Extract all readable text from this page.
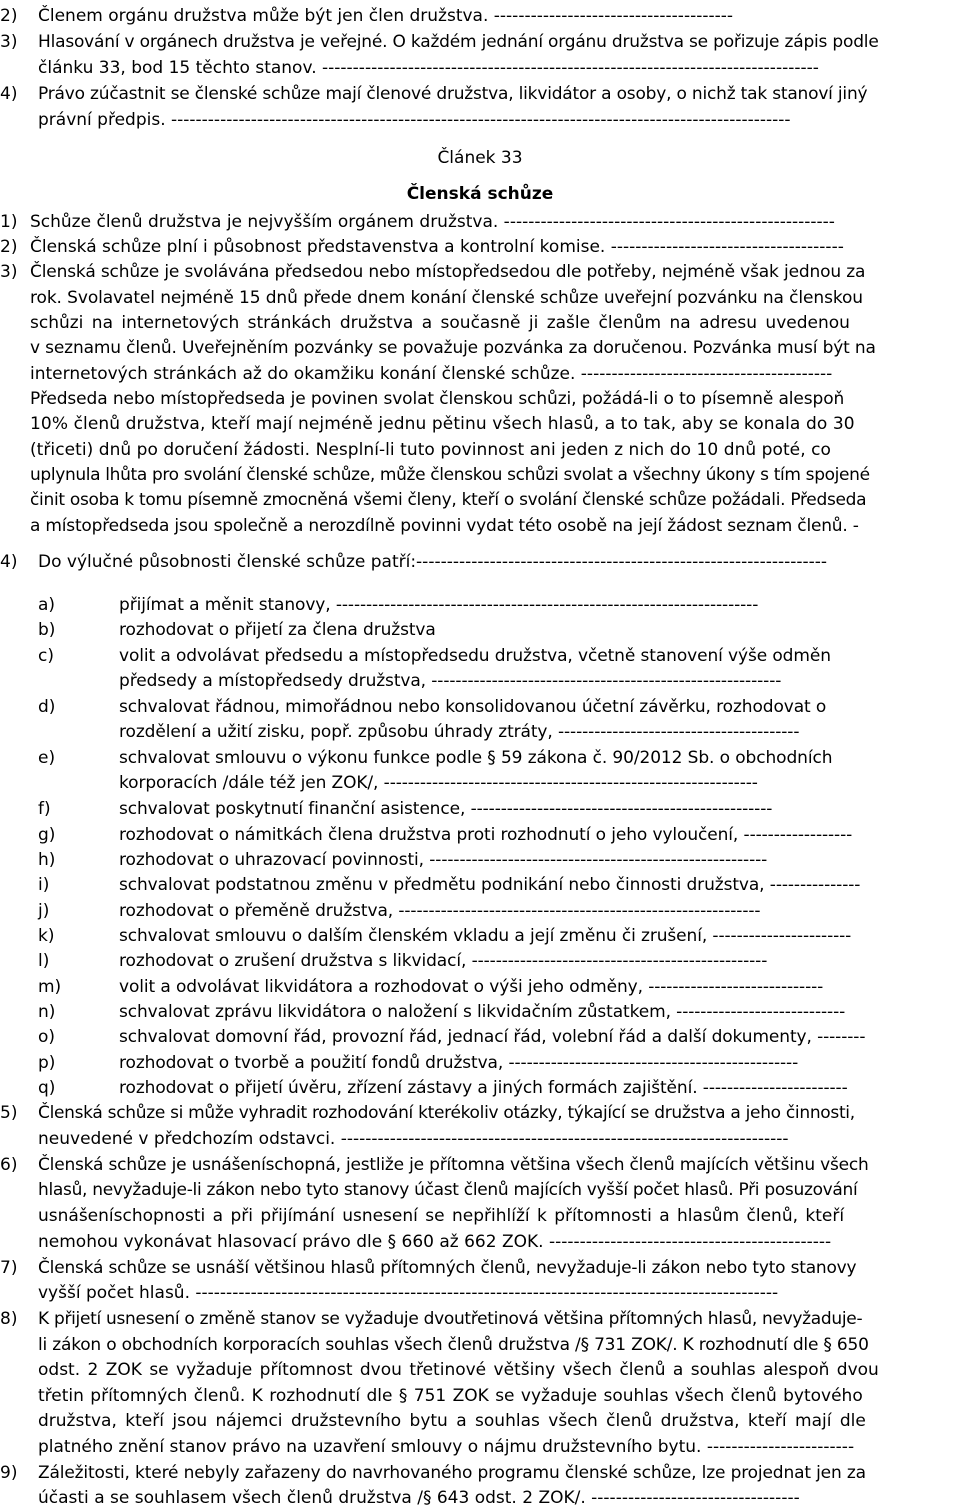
2) Členem orgánu družstva může být jen člen družstva. ---------------------------------------
3) Hlasování v orgánech družstva je veřejné. O každém jednání orgánu družstva se pořizuje zápis podle
článku 33, bod 15 těchto stanov. ---------------------------------------------------------------------------------
4) Právo zúčastnit se členské schůze mají členové družstva, likvidátor a osoby, o nichž tak stanoví jiný
právní předpis. -----------------------------------------------------------------------------------------------------
Článek 33
Členská schůze
1) Schůze členů družstva je nejvyšším orgánem družstva. ------------------------------------------------------
2) Členská schůze plní i působnost představenstva a kontrolní komise. --------------------------------------
3) Členská schůze je svolávána předsedou nebo místopředsedou dle potřeby, nejméně však jednou za
rok. Svolavatel nejméně 15 dnů přede dnem konání členské schůze uveřejní pozvánku na členskou
schůzi na internetových stránkách družstva a současně ji zašle členům na adresu uvedenou
v seznamu členů. Uveřejněním pozvánky se považuje pozvánka za doručenou. Pozvánka musí být na
internetových stránkách až do okamžiku konání členské schůze. -----------------------------------------
Předseda nebo místopředseda je povinen svolat členskou schůzi, požádá-li o to písemně alespoň
10% členů družstva, kteří mají nejméně jednu pětinu všech hlasů, a to tak, aby se konala do 30
(třiceti) dnů po doručení žádosti. Nesplní-li tuto povinnost ani jeden z nich do 10 dnů poté, co
uplynula lhůta pro svolání členské schůze, může členskou schůzi svolat a všechny úkony s tím spojené
činit osoba k tomu písemně zmocněná všemi členy, kteří o svolání členské schůze požádali. Předseda
a místopředseda jsou společně a nerozdílně povinni vydat této osobě na její žádost seznam členů. -
4) Do výlučné působnosti členské schůze patří:-------------------------------------------------------------------
a)	přijímat a měnit stanovy, ----------------------------------------------------------------------
b)	rozhodovat o přijetí za člena družstva
c)	volit a odvolávat předsedu a místopředsedu družstva, včetně stanovení výše odměn
předsedy a místopředsedy družstva, ----------------------------------------------------------
d)	schvalovat řádnou, mimořádnou nebo konsolidovanou účetní závěrku, rozhodovat o
rozdělení a užití zisku, popř. způsobu úhrady ztráty, ----------------------------------------
e)	schvalovat smlouvu o výkonu funkce podle § 59 zákona č. 90/2012 Sb. o obchodních
korporacích /dále též jen ZOK/, --------------------------------------------------------------
f)	schvalovat poskytnutí finanční asistence, --------------------------------------------------
g)	rozhodovat o námitkách člena družstva proti rozhodnutí o jeho vyloučení, ------------------
h)	rozhodovat o uhrazovací povinnosti, --------------------------------------------------------
i)	schvalovat podstatnou změnu v předmětu podnikání nebo činnosti družstva, ---------------
j)	rozhodovat o přeměně družstva, ------------------------------------------------------------
k)	schvalovat smlouvu o dalším členském vkladu a její změnu či zrušení, -----------------------
l)	rozhodovat o zrušení družstva s likvidací, -------------------------------------------------
m)	volit a odvolávat likvidátora a rozhodovat o výši jeho odměny, -----------------------------
n)	schvalovat zprávu likvidátora o naložení s likvidačním zůstatkem, ----------------------------
o)	schvalovat domovní řád, provozní řád, jednací řád, volební řád a další dokumenty, --------
p)	rozhodovat o tvorbě a použití fondů družstva, ------------------------------------------------
q)	rozhodovat o přijetí úvěru, zřízení zástavy a jiných formách zajištění. ------------------------
5) Členská schůze si může vyhradit rozhodování kterékoliv otázky, týkající se družstva a jeho činnosti,
neuvedené v předchozím odstavci. -------------------------------------------------------------------------
6) Členská schůze je usnášeníschopná, jestliže je přítomna většina všech členů majících většinu všech
hlasů, nevyžaduje-li zákon nebo tyto stanovy účast členů majících vyšší počet hlasů. Při posuzování
usnášeníschopnosti a při přijímání usnesení se nepřihlíží k přítomnosti a hlasům členů, kteří
nemohou vykonávat hlasovací právo dle § 660 až 662 ZOK. ----------------------------------------------
7) Členská schůze se usnáší většinou hlasů přítomných členů, nevyžaduje-li zákon nebo tyto stanovy
vyšší počet hlasů. -----------------------------------------------------------------------------------------------
8) K přijetí usnesení o změně stanov se vyžaduje dvoutřetinová většina přítomných hlasů, nevyžaduje-
li zákon o obchodních korporacích souhlas všech členů družstva /§ 731 ZOK/. K rozhodnutí dle § 650
odst. 2 ZOK se vyžaduje přítomnost dvou třetinové většiny všech členů a souhlas alespoň dvou
třetin přítomných členů. K rozhodnutí dle § 751 ZOK se vyžaduje souhlas všech členů bytového
družstva, kteří jsou nájemci družstevního bytu a souhlas všech členů družstva, kteří mají dle
platného znění stanov právo na uzavření smlouvy o nájmu družstevního bytu. ------------------------
9) Záležitosti, které nebyly zařazeny do navrhovaného programu členské schůze, lze projednat jen za
účasti a se souhlasem všech členů družstva /§ 643 odst. 2 ZOK/. ----------------------------------
